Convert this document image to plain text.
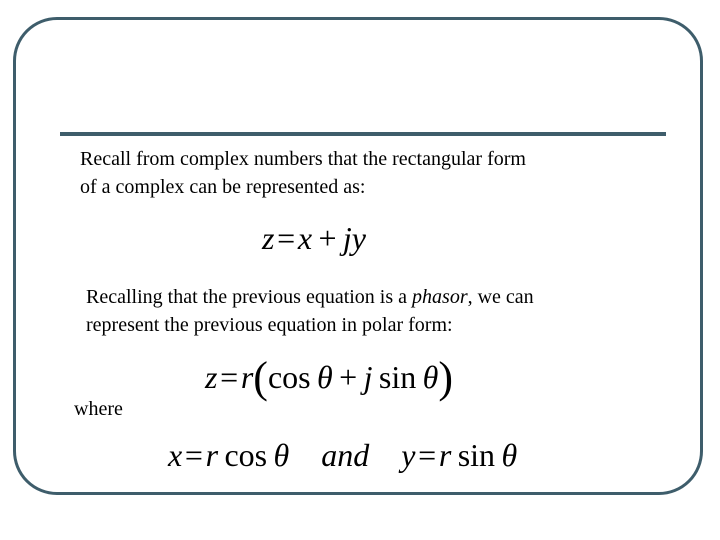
Recall from complex numbers that the rectangular form
of a complex can be represented as:

z = x + jy

Recalling that the previous equation is a phasor, we can
represent the previous equation in polar form:

z = r(cos θ + j sin θ)
where
x = r cos θ  and  y = r sin θ
